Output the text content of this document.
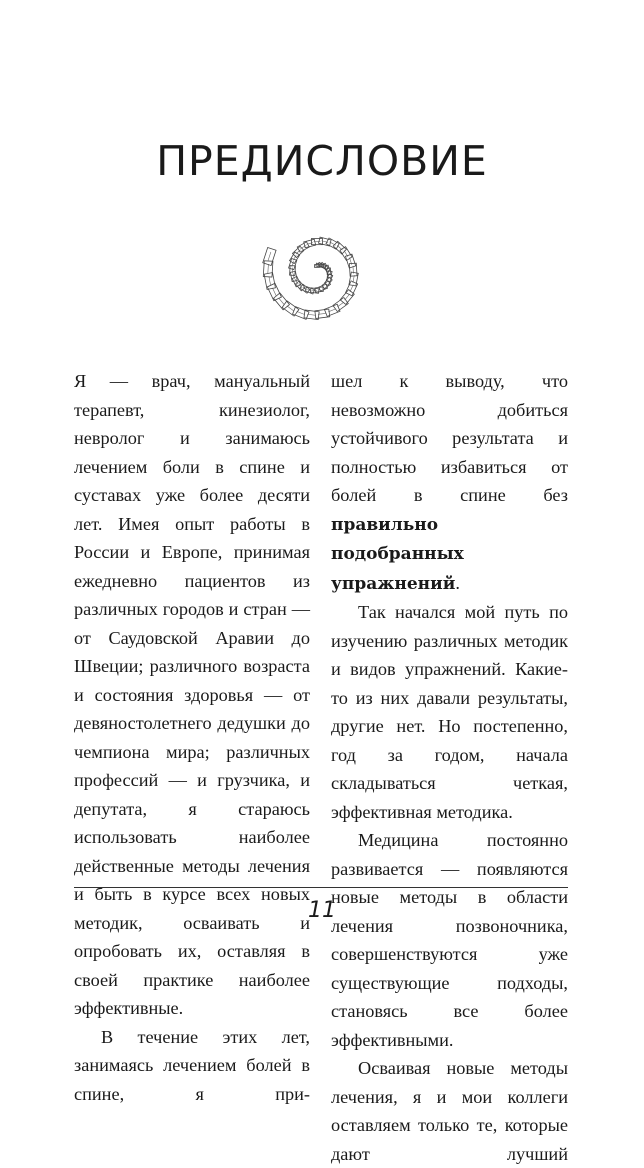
ПРЕДИСЛОВИЕ

Я — врач, мануальный терапевт, кинезиолог, невролог и занимаюсь лечением боли в спине и суставах уже более десяти лет. Имея опыт работы в России и Европе, принимая ежедневно пациентов из различных городов и стран — от Саудовской Аравии до Швеции; различного возраста и состояния здоровья — от девяностолетнего дедушки до чемпиона мира; различных профессий — и грузчика, и депутата, я стараюсь использовать наиболее действенные методы лечения и быть в курсе всех новых методик, осваивать и опробовать их, оставляя в своей практике наиболее эффективные.

В течение этих лет, занимаясь лечением болей в спине, я при-

шел к выводу, что невозможно добиться устойчивого результата и полностью избавиться от болей в спине без правильно подобранных упражнений.

Так начался мой путь по изучению различных методик и видов упражнений. Какие-то из них давали результаты, другие нет. Но постепенно, год за годом, начала складываться четкая, эффективная методика.

Медицина постоянно развивается — появляются новые методы в области лечения позвоночника, совершенствуются уже существующие подходы, становясь все более эффективными.

Осваивая новые методы лечения, я и мои коллеги оставляем только те, которые дают лучший

11
